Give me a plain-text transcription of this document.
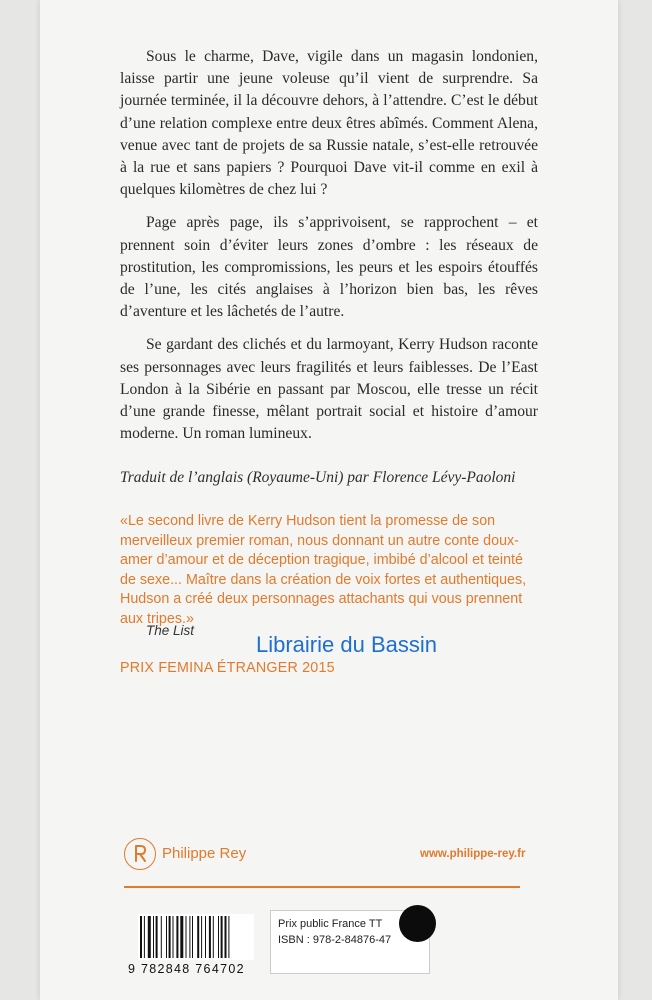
Sous le charme, Dave, vigile dans un magasin londonien, laisse partir une jeune voleuse qu’il vient de surprendre. Sa journée terminée, il la découvre dehors, à l’attendre. C’est le début d’une relation complexe entre deux êtres abîmés. Comment Alena, venue avec tant de projets de sa Russie natale, s’est-elle retrouvée à la rue et sans papiers ? Pourquoi Dave vit-il comme en exil à quelques kilomètres de chez lui ?

Page après page, ils s’apprivoisent, se rapprochent – et prennent soin d’éviter leurs zones d’ombre : les réseaux de prostitution, les compromissions, les peurs et les espoirs étouffés de l’une, les cités anglaises à l’horizon bien bas, les rêves d’aventure et les lâchetés de l’autre.

Se gardant des clichés et du larmoyant, Kerry Hudson raconte ses personnages avec leurs fragilités et leurs faiblesses. De l’East London à la Sibérie en passant par Moscou, elle tresse un récit d’une grande finesse, mêlant portrait social et histoire d’amour moderne. Un roman lumineux.

Traduit de l’anglais (Royaume-Uni) par Florence Lévy-Paoloni
«Le second livre de Kerry Hudson tient la promesse de son merveilleux premier roman, nous donnant un autre conte doux-amer d’amour et de déception tragique, imbibé d’alcool et teinté de sexe... Maître dans la création de voix fortes et authentiques, Hudson a créé deux personnages attachants qui vous prennent aux tripes.»
The List
PRIX FEMINA ÉTRANGER 2015
Librairie du Bassin
Philippe Rey	www.philippe-rey.fr
9 782848 764702
Prix public France TT
ISBN : 978-2-84876-47
